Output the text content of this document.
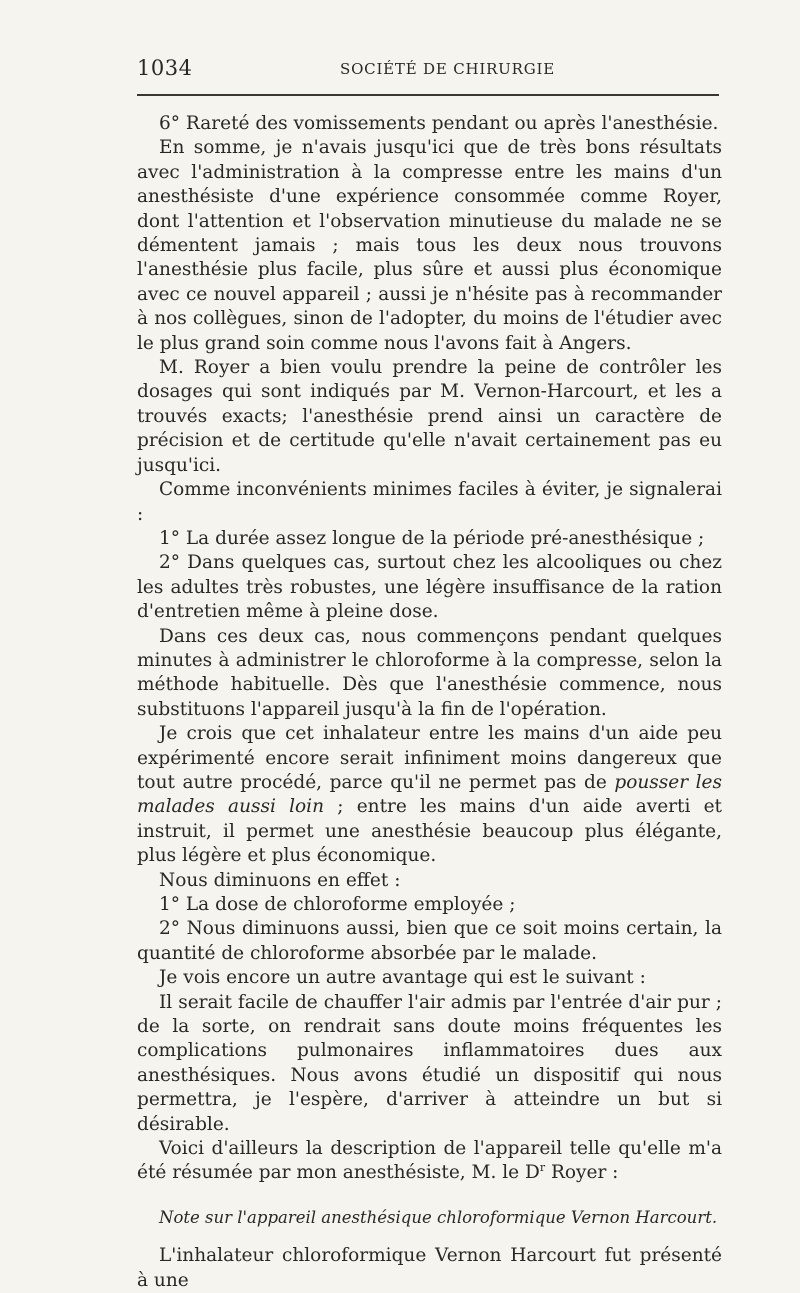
1034	SOCIÉTÉ DE CHIRURGIE

6° Rareté des vomissements pendant ou après l'anesthésie.

En somme, je n'avais jusqu'ici que de très bons résultats avec l'administration à la compresse entre les mains d'un anesthésiste d'une expérience consommée comme Royer, dont l'attention et l'observation minutieuse du malade ne se démentent jamais ; mais tous les deux nous trouvons l'anesthésie plus facile, plus sûre et aussi plus économique avec ce nouvel appareil ; aussi je n'hésite pas à recommander à nos collègues, sinon de l'adopter, du moins de l'étudier avec le plus grand soin comme nous l'avons fait à Angers.

M. Royer a bien voulu prendre la peine de contrôler les dosages qui sont indiqués par M. Vernon-Harcourt, et les a trouvés exacts; l'anesthésie prend ainsi un caractère de précision et de certitude qu'elle n'avait certainement pas eu jusqu'ici.

Comme inconvénients minimes faciles à éviter, je signalerai :

1° La durée assez longue de la période pré-anesthésique ;

2° Dans quelques cas, surtout chez les alcooliques ou chez les adultes très robustes, une légère insuffisance de la ration d'entretien même à pleine dose.

Dans ces deux cas, nous commençons pendant quelques minutes à administrer le chloroforme à la compresse, selon la méthode habituelle. Dès que l'anesthésie commence, nous substituons l'appareil jusqu'à la fin de l'opération.

Je crois que cet inhalateur entre les mains d'un aide peu expérimenté encore serait infiniment moins dangereux que tout autre procédé, parce qu'il ne permet pas de pousser les malades aussi loin ; entre les mains d'un aide averti et instruit, il permet une anesthésie beaucoup plus élégante, plus légère et plus économique.

Nous diminuons en effet :

1° La dose de chloroforme employée ;

2° Nous diminuons aussi, bien que ce soit moins certain, la quantité de chloroforme absorbée par le malade.

Je vois encore un autre avantage qui est le suivant :

Il serait facile de chauffer l'air admis par l'entrée d'air pur ; de la sorte, on rendrait sans doute moins fréquentes les complications pulmonaires inflammatoires dues aux anesthésiques. Nous avons étudié un dispositif qui nous permettra, je l'espère, d'arriver à atteindre un but si désirable.

Voici d'ailleurs la description de l'appareil telle qu'elle m'a été résumée par mon anesthésiste, M. le $D^r$ Royer :

Note sur l'appareil anesthésique chloroformique Vernon Harcourt.

L'inhalateur chloroformique Vernon Harcourt fut présenté à une
